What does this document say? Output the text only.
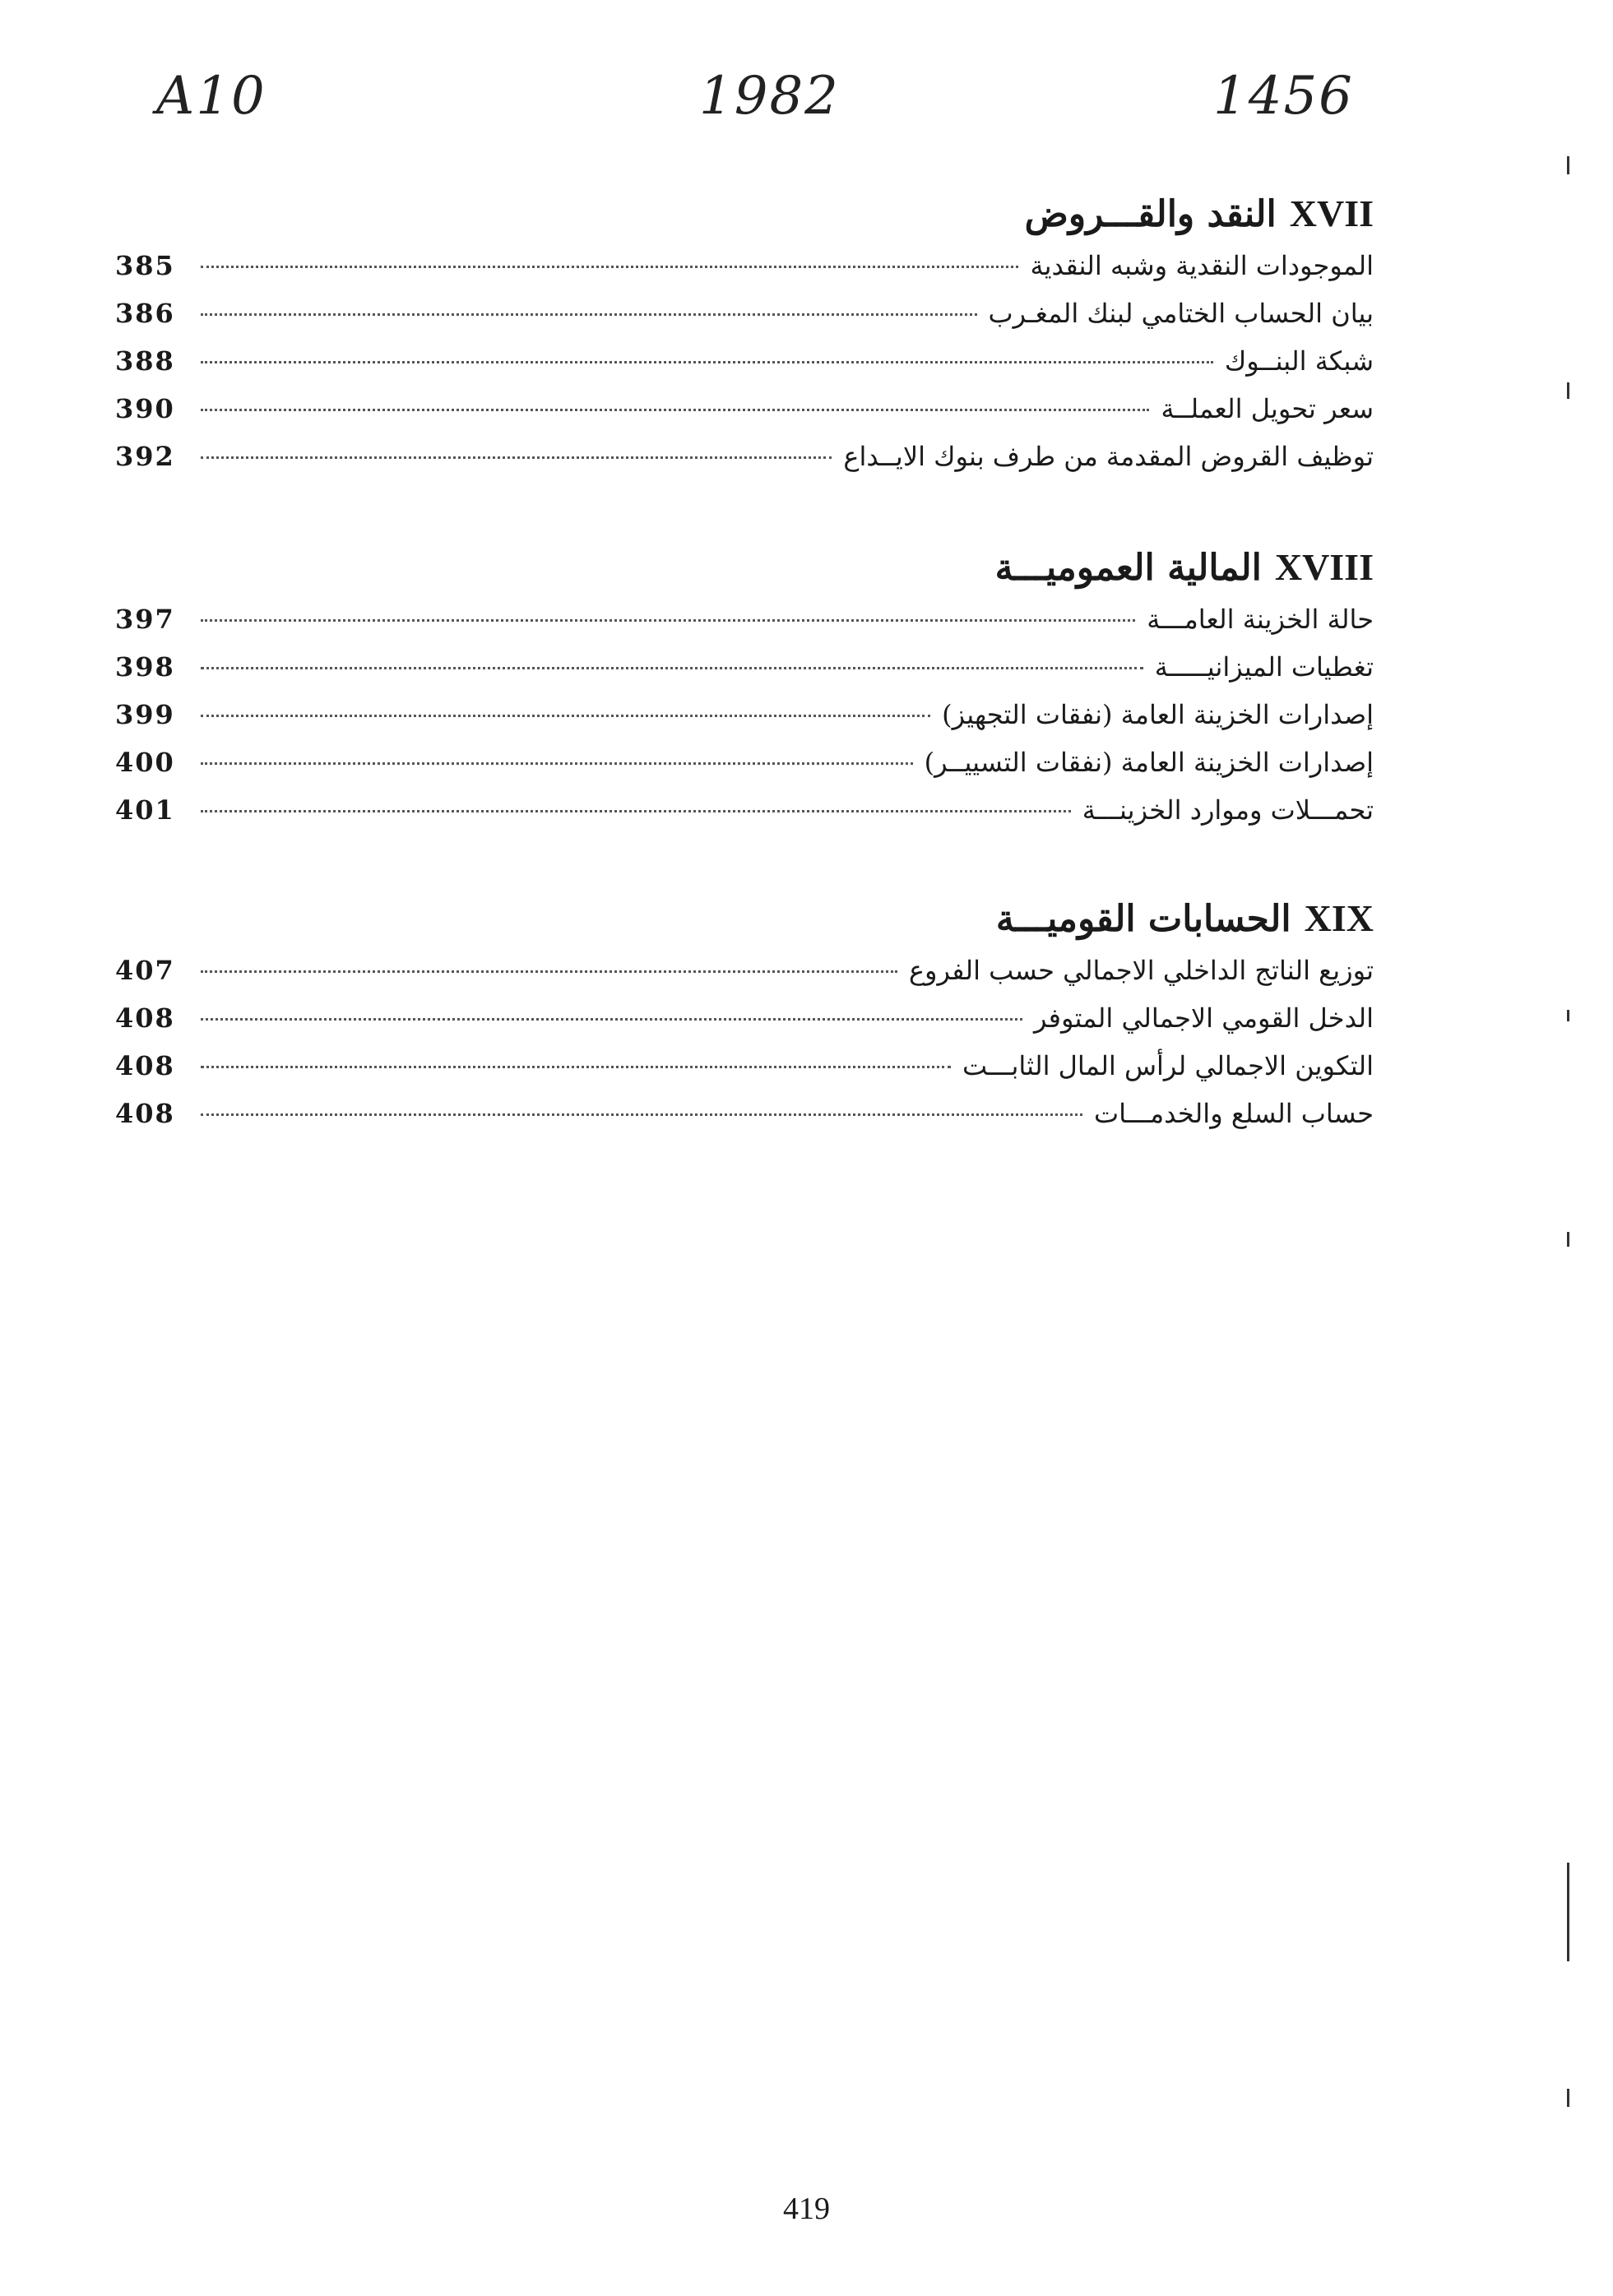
A10	1982	1456
XVIIالنقد والقـــروض
385	الموجودات النقدية وشبه النقدية
386	بيان الحساب الختامي لبنك المغـرب
388	شبكة البنــوك
390	سعر تحويل العملــة
392	توظيف القروض المقدمة من طرف بنوك الايــداع
XVIIIالمالية العموميـــة
397	حالة الخزينة العامـــة
398	تغطيات الميزانيـــــة
399	إصدارات الخزينة العامة (نفقات التجهيز)
400	إصدارات الخزينة العامة (نفقات التسييــر)
401	تحمـــلات وموارد الخزينـــة
XIXالحسابات القوميـــة
407	توزيع الناتج الداخلي الاجمالي حسب الفروع
408	الدخل القومي الاجمالي المتوفر
408	التكوين الاجمالي لرأس المال الثابـــت
408	حساب السلع والخدمـــات
419
